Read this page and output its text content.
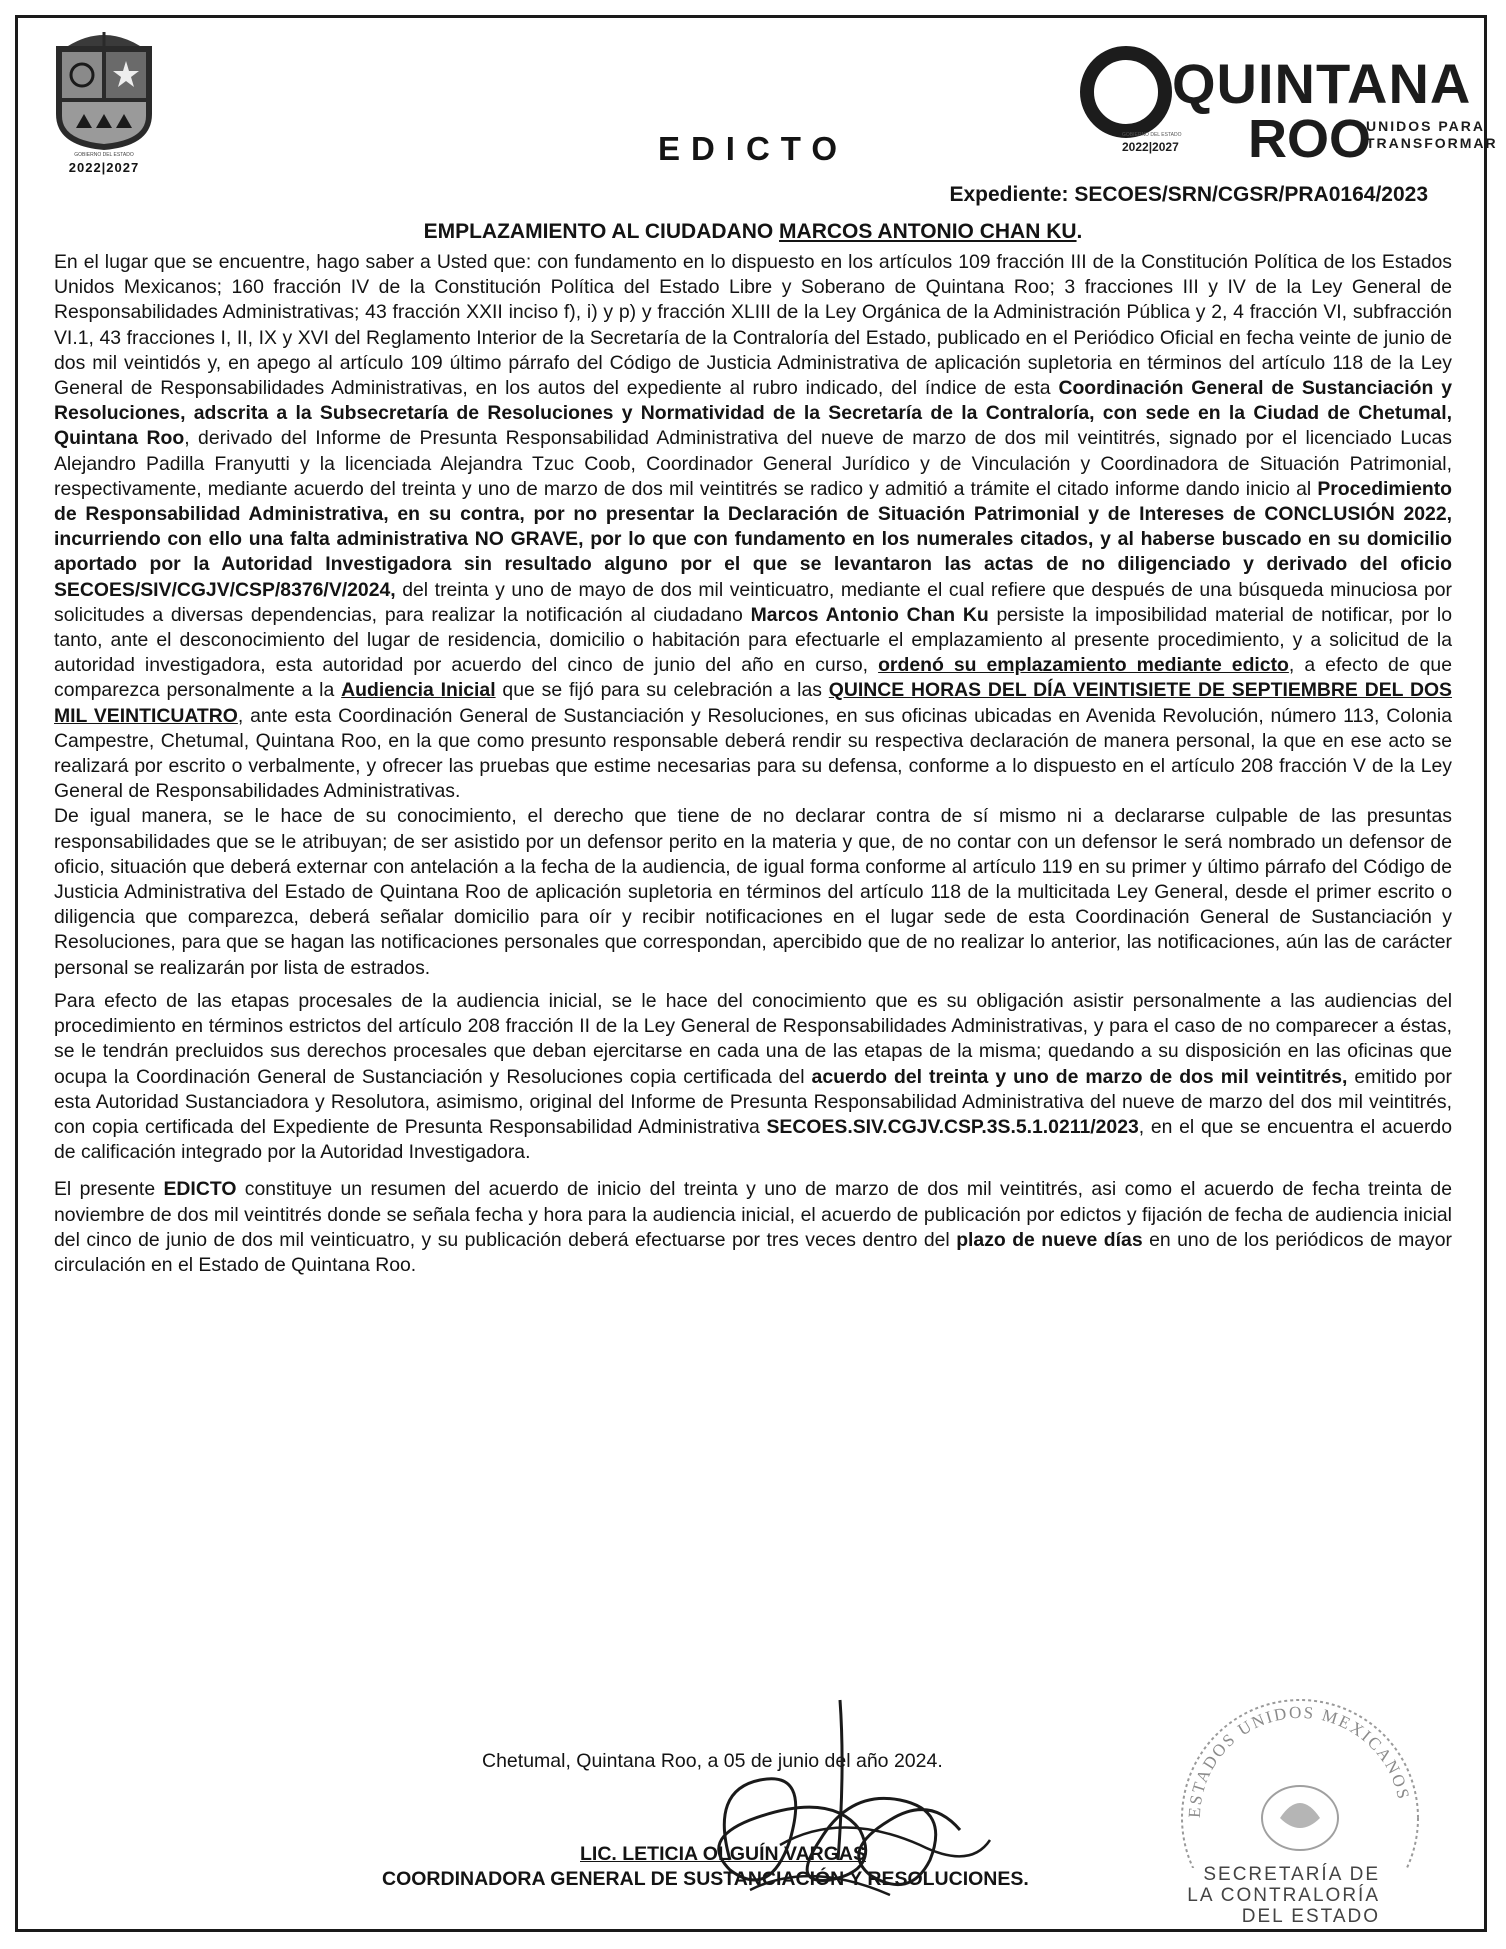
GOBIERNO DEL ESTADO
2022|2027
QUINTANA
ROO
UNIDOS PARA
TRANSFORMAR
GOBIERNO DEL ESTADO
2022|2027
EDICTO
Expediente: SECOES/SRN/CGSR/PRA0164/2023
EMPLAZAMIENTO AL CIUDADANO MARCOS ANTONIO CHAN KU.

En el lugar que se encuentre, hago saber a Usted que: con fundamento en lo dispuesto en los artículos 109 fracción III de la Constitución Política de los Estados Unidos Mexicanos; 160 fracción IV de la Constitución Política del Estado Libre y Soberano de Quintana Roo; 3 fracciones III y IV de la Ley General de Responsabilidades Administrativas; 43 fracción XXII inciso f), i) y p) y fracción XLIII de la Ley Orgánica de la Administración Pública y 2, 4 fracción VI, subfracción VI.1, 43 fracciones I, II, IX y XVI del Reglamento Interior de la Secretaría de la Contraloría del Estado, publicado en el Periódico Oficial en fecha veinte de junio de dos mil veintidós y, en apego al artículo 109 último párrafo del Código de Justicia Administrativa de aplicación supletoria en términos del artículo 118 de la Ley General de Responsabilidades Administrativas, en los autos del expediente al rubro indicado, del índice de esta Coordinación General de Sustanciación y Resoluciones, adscrita a la Subsecretaría de Resoluciones y Normatividad de la Secretaría de la Contraloría, con sede en la Ciudad de Chetumal, Quintana Roo, derivado del Informe de Presunta Responsabilidad Administrativa del nueve de marzo de dos mil veintitrés, signado por el licenciado Lucas Alejandro Padilla Franyutti y la licenciada Alejandra Tzuc Coob, Coordinador General Jurídico y de Vinculación y Coordinadora de Situación Patrimonial, respectivamente, mediante acuerdo del treinta y uno de marzo de dos mil veintitrés se radico y admitió a trámite el citado informe dando inicio al Procedimiento de Responsabilidad Administrativa, en su contra, por no presentar la Declaración de Situación Patrimonial y de Intereses de CONCLUSIÓN 2022, incurriendo con ello una falta administrativa NO GRAVE, por lo que con fundamento en los numerales citados, y al haberse buscado en su domicilio aportado por la Autoridad Investigadora sin resultado alguno por el que se levantaron las actas de no diligenciado y derivado del oficio SECOES/SIV/CGJV/CSP/8376/V/2024, del treinta y uno de mayo de dos mil veinticuatro, mediante el cual refiere que después de una búsqueda minuciosa por solicitudes a diversas dependencias, para realizar la notificación al ciudadano Marcos Antonio Chan Ku persiste la imposibilidad material de notificar, por lo tanto, ante el desconocimiento del lugar de residencia, domicilio o habitación para efectuarle el emplazamiento al presente procedimiento, y a solicitud de la autoridad investigadora, esta autoridad por acuerdo del cinco de junio del año en curso, ordenó su emplazamiento mediante edicto, a efecto de que comparezca personalmente a la Audiencia Inicial que se fijó para su celebración a las QUINCE HORAS DEL DÍA VEINTISIETE DE SEPTIEMBRE DEL DOS MIL VEINTICUATRO, ante esta Coordinación General de Sustanciación y Resoluciones, en sus oficinas ubicadas en Avenida Revolución, número 113, Colonia Campestre, Chetumal, Quintana Roo, en la que como presunto responsable deberá rendir su respectiva declaración de manera personal, la que en ese acto se realizará por escrito o verbalmente, y ofrecer las pruebas que estime necesarias para su defensa, conforme a lo dispuesto en el artículo 208 fracción V de la Ley General de Responsabilidades Administrativas.

De igual manera, se le hace de su conocimiento, el derecho que tiene de no declarar contra de sí mismo ni a declararse culpable de las presuntas responsabilidades que se le atribuyan; de ser asistido por un defensor perito en la materia y que, de no contar con un defensor le será nombrado un defensor de oficio, situación que deberá externar con antelación a la fecha de la audiencia, de igual forma conforme al artículo 119 en su primer y último párrafo del Código de Justicia Administrativa del Estado de Quintana Roo de aplicación supletoria en términos del artículo 118 de la multicitada Ley General, desde el primer escrito o diligencia que comparezca, deberá señalar domicilio para oír y recibir notificaciones en el lugar sede de esta Coordinación General de Sustanciación y Resoluciones, para que se hagan las notificaciones personales que correspondan, apercibido que de no realizar lo anterior, las notificaciones, aún las de carácter personal se realizarán por lista de estrados.

Para efecto de las etapas procesales de la audiencia inicial, se le hace del conocimiento que es su obligación asistir personalmente a las audiencias del procedimiento en términos estrictos del artículo 208 fracción II de la Ley General de Responsabilidades Administrativas, y para el caso de no comparecer a éstas, se le tendrán precluidos sus derechos procesales que deban ejercitarse en cada una de las etapas de la misma; quedando a su disposición en las oficinas que ocupa la Coordinación General de Sustanciación y Resoluciones copia certificada del acuerdo del treinta y uno de marzo de dos mil veintitrés, emitido por esta Autoridad Sustanciadora y Resolutora, asimismo, original del Informe de Presunta Responsabilidad Administrativa del nueve de marzo del dos mil veintitrés, con copia certificada del Expediente de Presunta Responsabilidad Administrativa SECOES.SIV.CGJV.CSP.3S.5.1.0211/2023, en el que se encuentra el acuerdo de calificación integrado por la Autoridad Investigadora.

El presente EDICTO constituye un resumen del acuerdo de inicio del treinta y uno de marzo de dos mil veintitrés, asi como el acuerdo de fecha treinta de noviembre de dos mil veintitrés donde se señala fecha y hora para la audiencia inicial, el acuerdo de publicación por edictos y fijación de fecha de audiencia inicial del cinco de junio de dos mil veinticuatro, y su publicación deberá efectuarse por tres veces dentro del plazo de nueve días en uno de los periódicos de mayor circulación en el Estado de Quintana Roo.

ESTADOS UNIDOS MEXICANOS
SECRETARÍA DE
LA CONTRALORÍA
DEL ESTADO
Chetumal, Quintana Roo, a 05 de junio del año 2024.
LIC. LETICIA OLGUÍN VARGAS
COORDINADORA GENERAL DE SUSTANCIACIÓN Y RESOLUCIONES.
